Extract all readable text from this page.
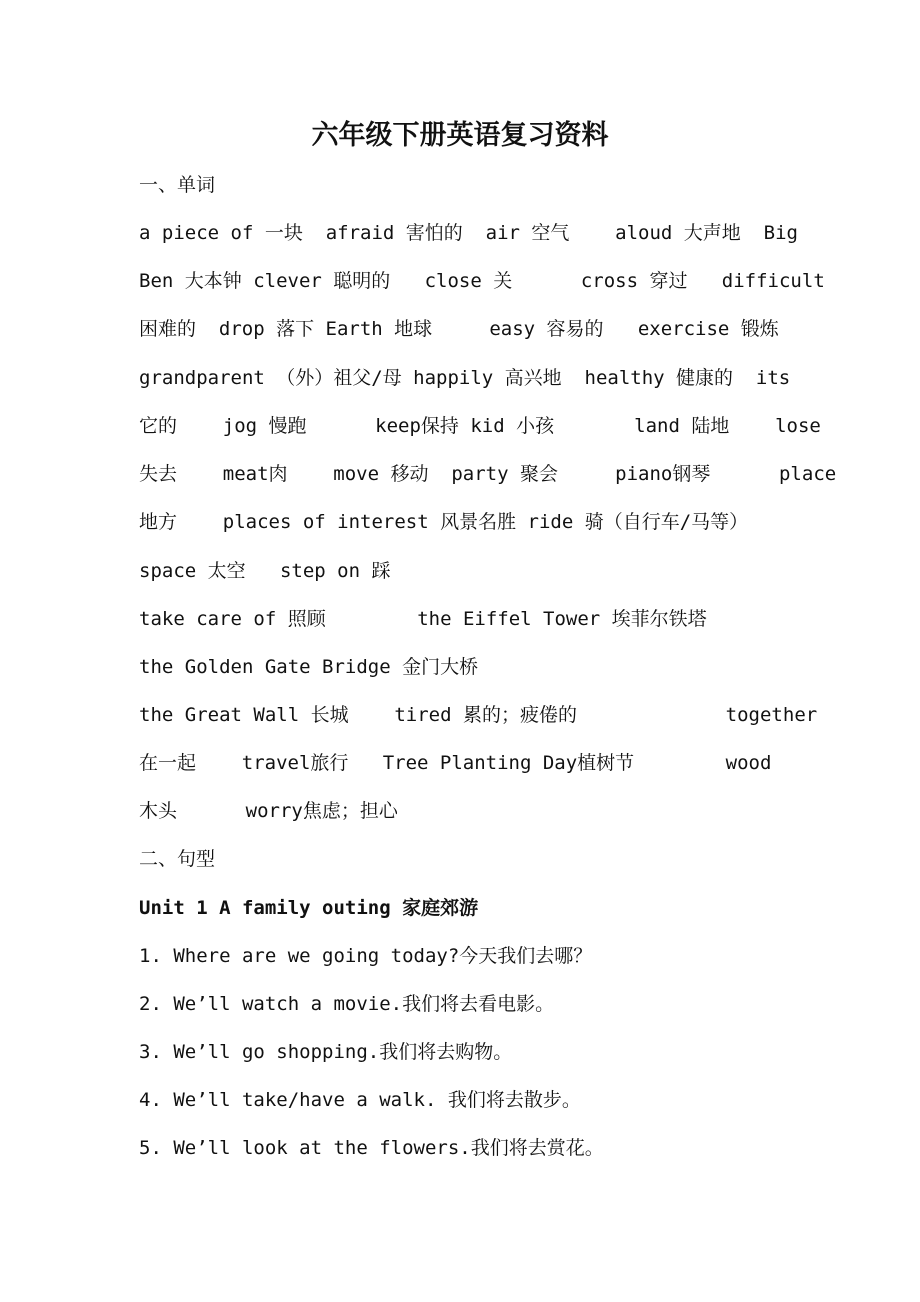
六年级下册英语复习资料
一、单词
a piece of 一块  afraid 害怕的  air 空气    aloud 大声地  Big
Ben 大本钟 clever 聪明的   close 关      cross 穿过   difficult
困难的  drop 落下 Earth 地球     easy 容易的   exercise 锻炼
grandparent （外）祖父/母 happily 高兴地  healthy 健康的  its
它的    jog 慢跑      keep保持 kid 小孩       land 陆地    lose
失去    meat肉    move 移动  party 聚会     piano钢琴      place
地方    places of interest 风景名胜 ride 骑（自行车/马等）
space 太空   step on 踩
take care of 照顾        the Eiffel Tower 埃菲尔铁塔
the Golden Gate Bridge 金门大桥
the Great Wall 长城    tired 累的；疲倦的             together
在一起    travel旅行   Tree Planting Day植树节        wood
木头      worry焦虑；担心
二、句型
Unit 1 A family outing 家庭郊游
1. Where are we going today?今天我们去哪？
2. We’ll watch a movie.我们将去看电影。
3. We’ll go shopping.我们将去购物。
4. We’ll take/have a walk. 我们将去散步。
5. We’ll look at the flowers.我们将去赏花。
